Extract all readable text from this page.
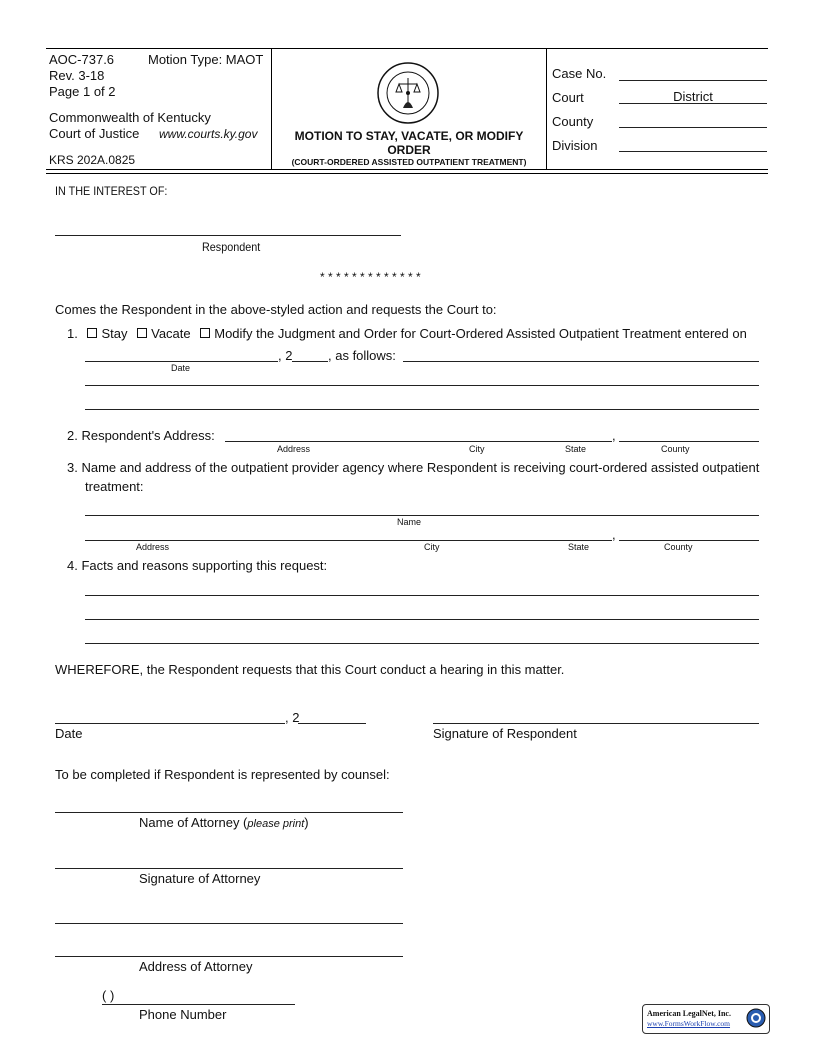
AOC-737.6	Motion Type: MAOT
Rev. 3-18
Page 1 of 2
Commonwealth of Kentucky
Court of Justice www.courts.ky.gov
KRS 202A.0825
MOTION TO STAY, VACATE, OR MODIFY
ORDER
(COURT-ORDERED ASSISTED OUTPATIENT TREATMENT)
Case No.
Court	District
County
Division
IN THE INTEREST OF:
Respondent
* * * * * * * * * * * * *
Comes the Respondent in the above-styled action and requests the Court to:
1. Stay Vacate Modify the Judgment and Order for Court-Ordered Assisted Outpatient Treatment entered on
, 2	, as follows:
Date
2. Respondent's Address:	,
Address	City	State	County
3. Name and address of the outpatient provider agency where Respondent is receiving court-ordered assisted outpatient
treatment:
Name
,
Address	City	State	County
4. Facts and reasons supporting this request:
WHEREFORE, the Respondent requests that this Court conduct a hearing in this matter.
, 2
Date	Signature of Respondent
To be completed if Respondent is represented by counsel:
Name of Attorney (please print)
Signature of Attorney
Address of Attorney
( )
Phone Number	American LegalNet, Inc.
www.FormsWorkFlow.com
